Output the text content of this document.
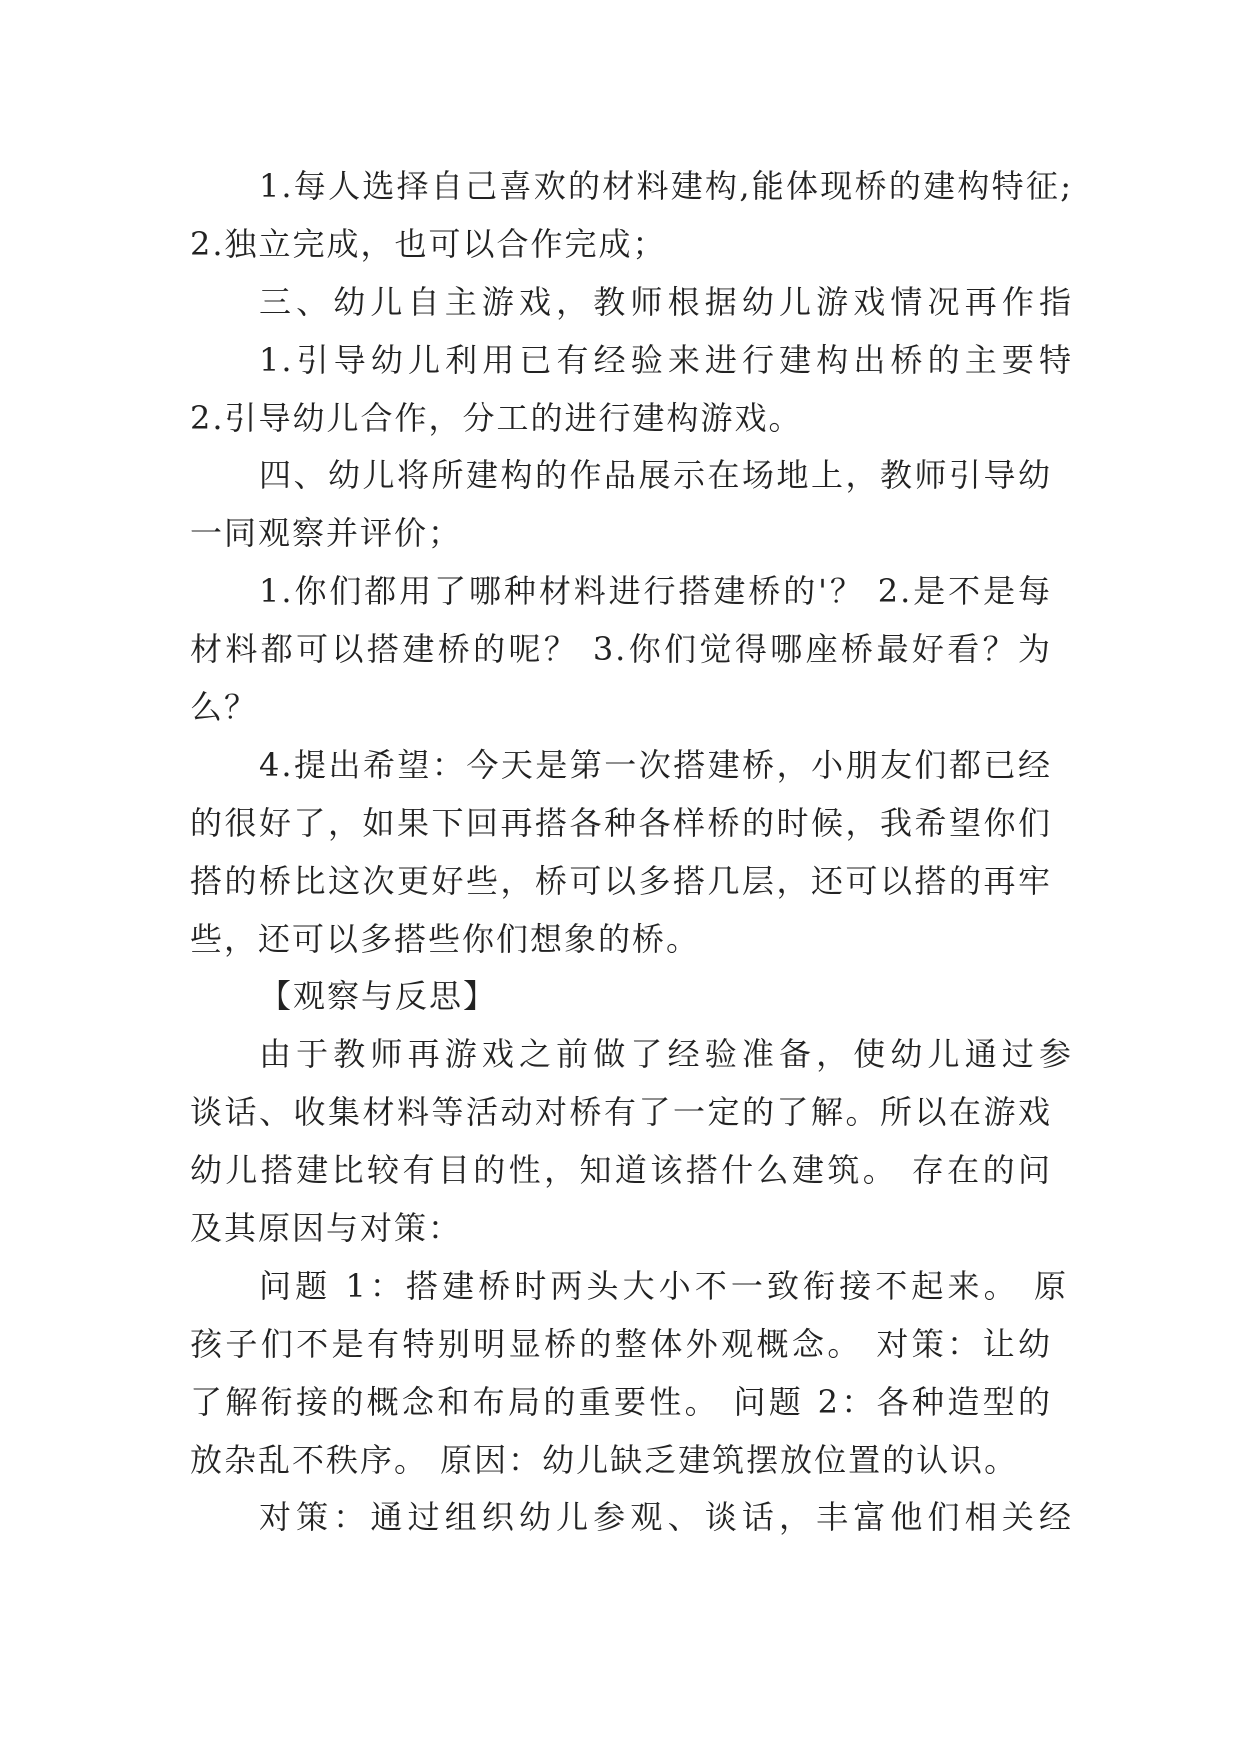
1.每人选择自己喜欢的材料建构,能体现桥的建构特征;
2.独立完成，也可以合作完成；
三、幼儿自主游戏，教师根据幼儿游戏情况再作指
1.引导幼儿利用已有经验来进行建构出桥的主要特
2.引导幼儿合作，分工的进行建构游戏。
四、幼儿将所建构的作品展示在场地上，教师引导幼
一同观察并评价；
1.你们都用了哪种材料进行搭建桥的'？ 2.是不是每
材料都可以搭建桥的呢？ 3.你们觉得哪座桥最好看？为
么？
4.提出希望：今天是第一次搭建桥，小朋友们都已经
的很好了，如果下回再搭各种各样桥的时候，我希望你们
搭的桥比这次更好些，桥可以多搭几层，还可以搭的再牢
些，还可以多搭些你们想象的桥。
【观察与反思】
由于教师再游戏之前做了经验准备，使幼儿通过参
谈话、收集材料等活动对桥有了一定的了解。所以在游戏
幼儿搭建比较有目的性，知道该搭什么建筑。 存在的问
及其原因与对策：
问题 1：搭建桥时两头大小不一致衔接不起来。 原
孩子们不是有特别明显桥的整体外观概念。 对策：让幼
了解衔接的概念和布局的重要性。 问题 2：各种造型的
放杂乱不秩序。 原因：幼儿缺乏建筑摆放位置的认识。
对策：通过组织幼儿参观、谈话，丰富他们相关经
